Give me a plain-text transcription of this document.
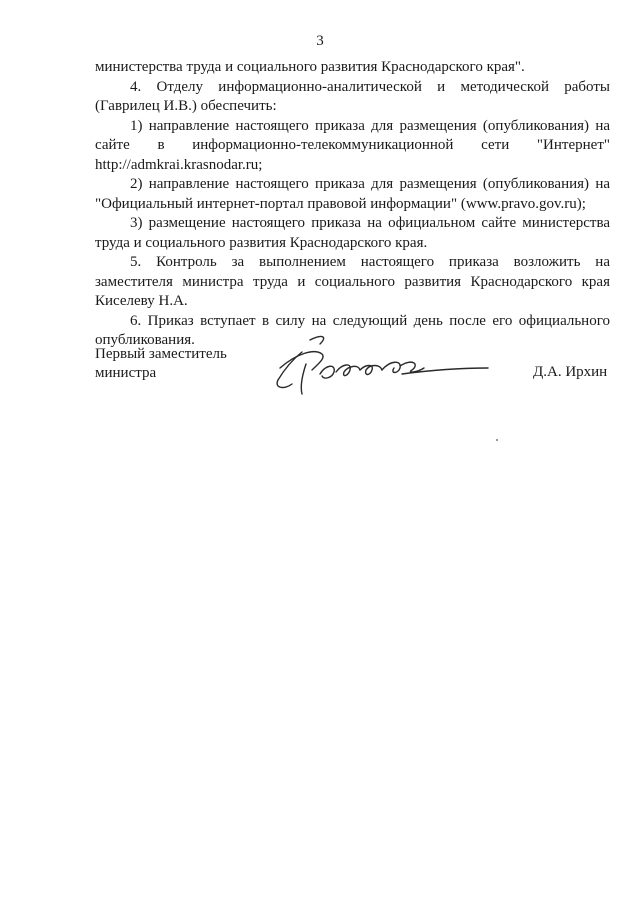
3

министерства труда и социального развития Краснодарского края".

4. Отделу информационно-аналитической и методической работы (Гаврилец И.В.) обеспечить:

1) направление настоящего приказа для размещения (опубликования) на сайте в информационно-телекоммуникационной сети "Интернет" http://admkrai.krasnodar.ru;

2) направление настоящего приказа для размещения (опубликования) на "Официальный интернет-портал правовой информации" (www.pravo.gov.ru);

3) размещение настоящего приказа на официальном сайте министерства труда и социального развития Краснодарского края.

5. Контроль за выполнением настоящего приказа возложить на заместителя министра труда и социального развития Краснодарского края Киселеву Н.А.

6. Приказ вступает в силу на следующий день после его официального опубликования.

Первый заместитель
министра	Д.А. Ирхин
